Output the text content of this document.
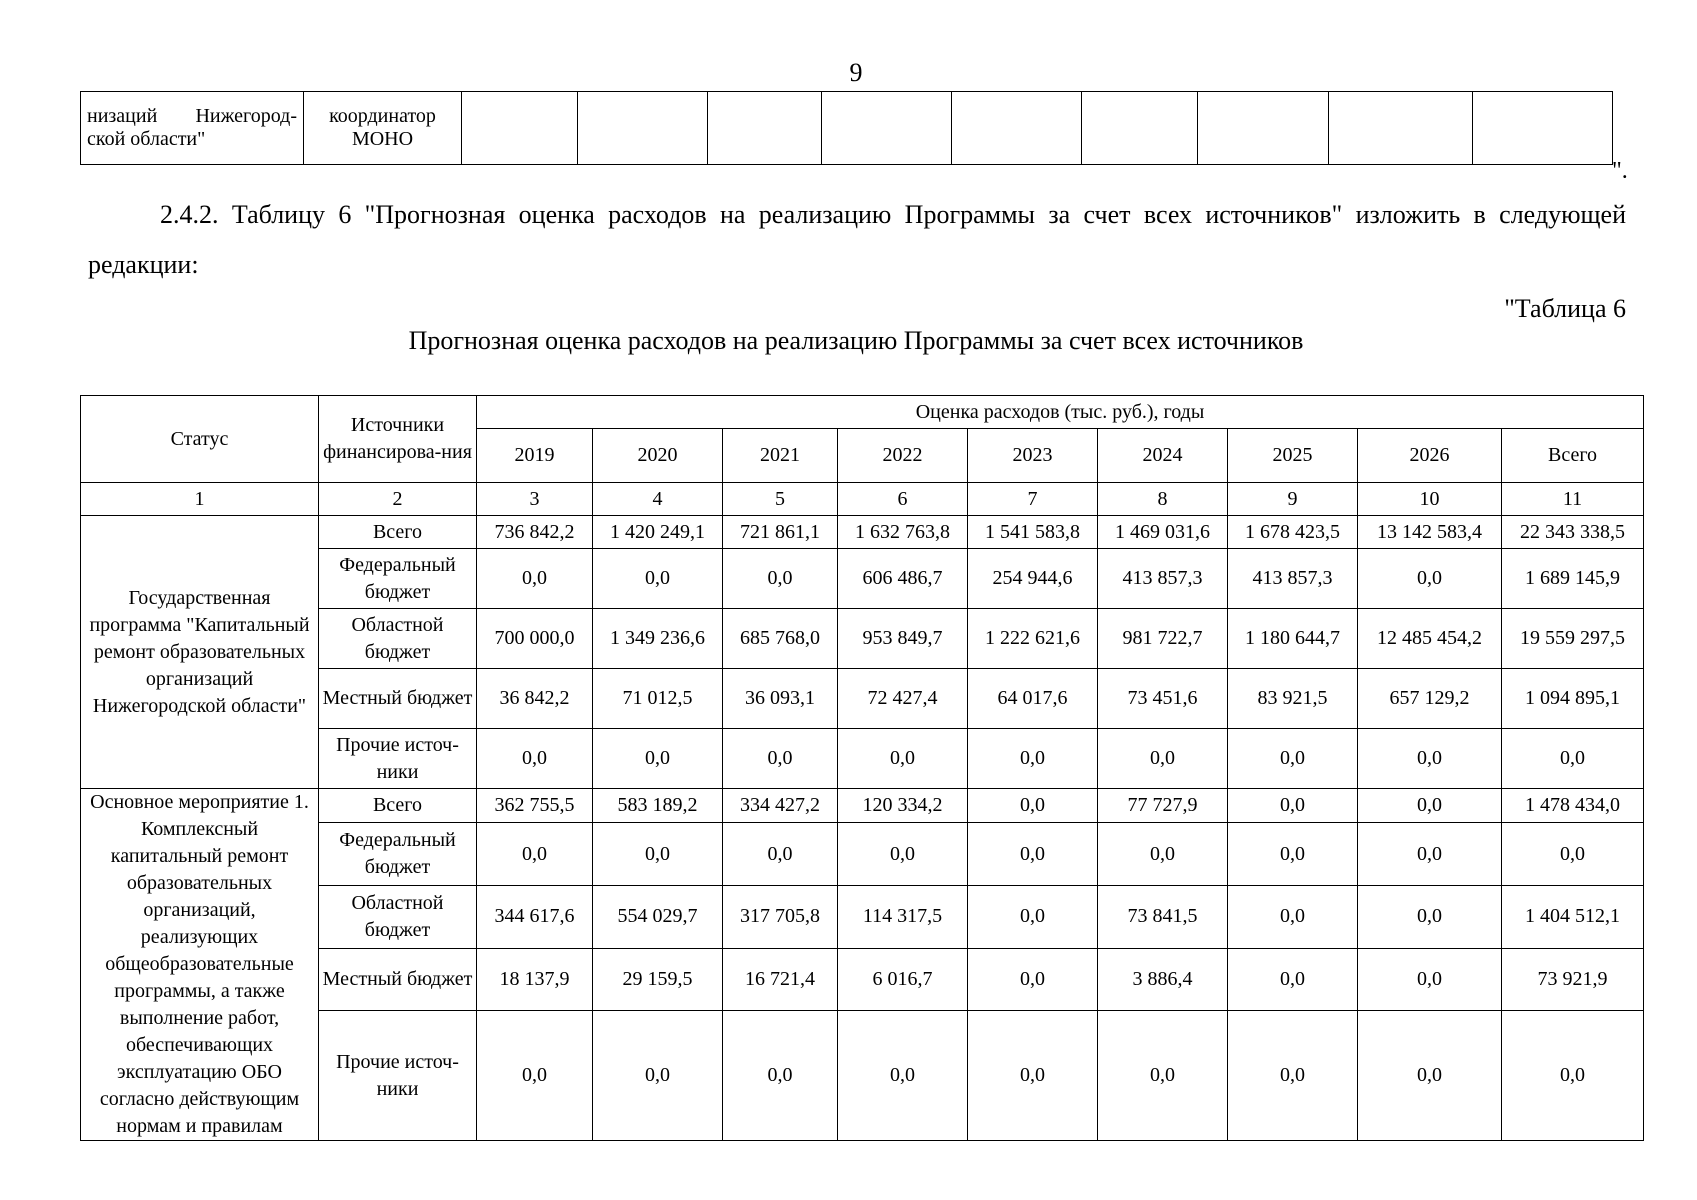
9
низаций Нижегород-ской области"	координатор МОНО										
".
2.4.2. Таблицу 6 "Прогнозная оценка расходов на реализацию Программы за счет всех источников" изложить в следующей редакции:
"Таблица 6
Прогнозная оценка расходов на реализацию Программы за счет всех источников
Статус	Источники финансирова-ния	Оценка расходов (тыс. руб.), годы								
		2019	2020	2021	2022	2023	2024	2025	2026	Всего
1	2	3	4	5	6	7	8	9	10	11
Государственная программа "Капитальный ремонт образовательных организаций Нижегородской области"	Всего	736 842,2	1 420 249,1	721 861,1	1 632 763,8	1 541 583,8	1 469 031,6	1 678 423,5	13 142 583,4	22 343 338,5
	Федеральный бюджет	0,0	0,0	0,0	606 486,7	254 944,6	413 857,3	413 857,3	0,0	1 689 145,9
	Областной бюджет	700 000,0	1 349 236,6	685 768,0	953 849,7	1 222 621,6	981 722,7	1 180 644,7	12 485 454,2	19 559 297,5
	Местный бюджет	36 842,2	71 012,5	36 093,1	72 427,4	64 017,6	73 451,6	83 921,5	657 129,2	1 094 895,1
	Прочие источ-ники	0,0	0,0	0,0	0,0	0,0	0,0	0,0	0,0	0,0
Основное мероприятие 1. Комплексный капитальный ремонт образовательных организаций, реализующих общеобразовательные программы, а также выполнение работ, обеспечивающих эксплуатацию ОБО согласно действующим нормам и правилам	Всего	362 755,5	583 189,2	334 427,2	120 334,2	0,0	77 727,9	0,0	0,0	1 478 434,0
	Федеральный бюджет	0,0	0,0	0,0	0,0	0,0	0,0	0,0	0,0	0,0
	Областной бюджет	344 617,6	554 029,7	317 705,8	114 317,5	0,0	73 841,5	0,0	0,0	1 404 512,1
	Местный бюджет	18 137,9	29 159,5	16 721,4	6 016,7	0,0	3 886,4	0,0	0,0	73 921,9
	Прочие источ-ники	0,0	0,0	0,0	0,0	0,0	0,0	0,0	0,0	0,0
